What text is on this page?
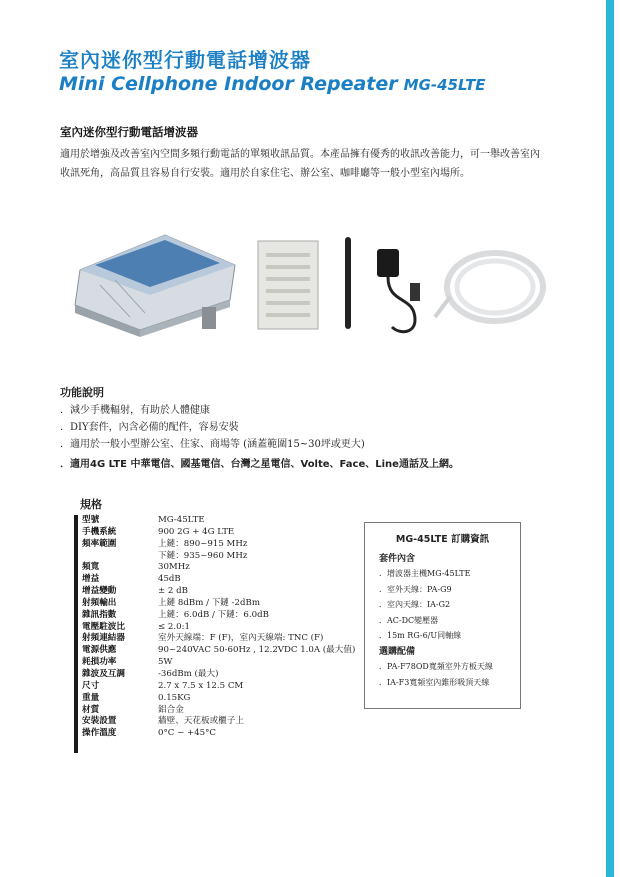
室內迷你型行動電話增波器
Mini Cellphone Indoor Repeater MG-45LTE
室內迷你型行動電話增波器
適用於增強及改善室內空間多頻行動電話的單頻收訊品質。本產品擁有優秀的收訊改善能力，可一舉改善室內
收訊死角，高品質且容易自行安裝。適用於自家住宅、辦公室、咖啡廳等一般小型室內場所。
功能說明
．減少手機輻射，有助於人體健康
．DIY套件，內含必備的配件，容易安裝
．適用於一般小型辦公室、住家、商場等 (涵蓋範圍15~30坪或更大)
．適用4G LTE 中華電信、國基電信、台灣之星電信、Volte、Face、Line通話及上網。
規格
型號	MG-45LTE
手機系統	900 2G + 4G LTE
頻率範圍	上鏈：890~915 MHz
下鏈：935~960 MHz
頻寬	30MHz
增益	45dB
增益變動	± 2 dB
射頻輸出	上鏈 8dBm / 下鏈 -2dBm
雜訊指數	上鏈：6.0dB / 下鏈：6.0dB
電壓駐波比	≤ 2.0:1
射頻連結器	室外天線端：F (F)，室內天線端: TNC (F)
電源供應	90~240VAC 50-60Hz , 12.2VDC 1.0A (最大值)
耗損功率	5W
雜波及互調	-36dBm (最大)
尺寸	2.7 x 7.5 x 12.5 CM
重量	0.15KG
材質	鋁合金
安裝設置	牆壁、天花板或櫃子上
操作溫度	0°C ~ +45°C
MG-45LTE 訂購資訊
套件內含
．增波器主機MG-45LTE
．室外天線：PA-G9
．室內天線：IA-G2
．AC-DC變壓器
．15m RG-6/U同軸線
選購配備
．PA-F78OD寬頻室外方板天線
．IA-F3寬頻室內錐形吸頂天線
